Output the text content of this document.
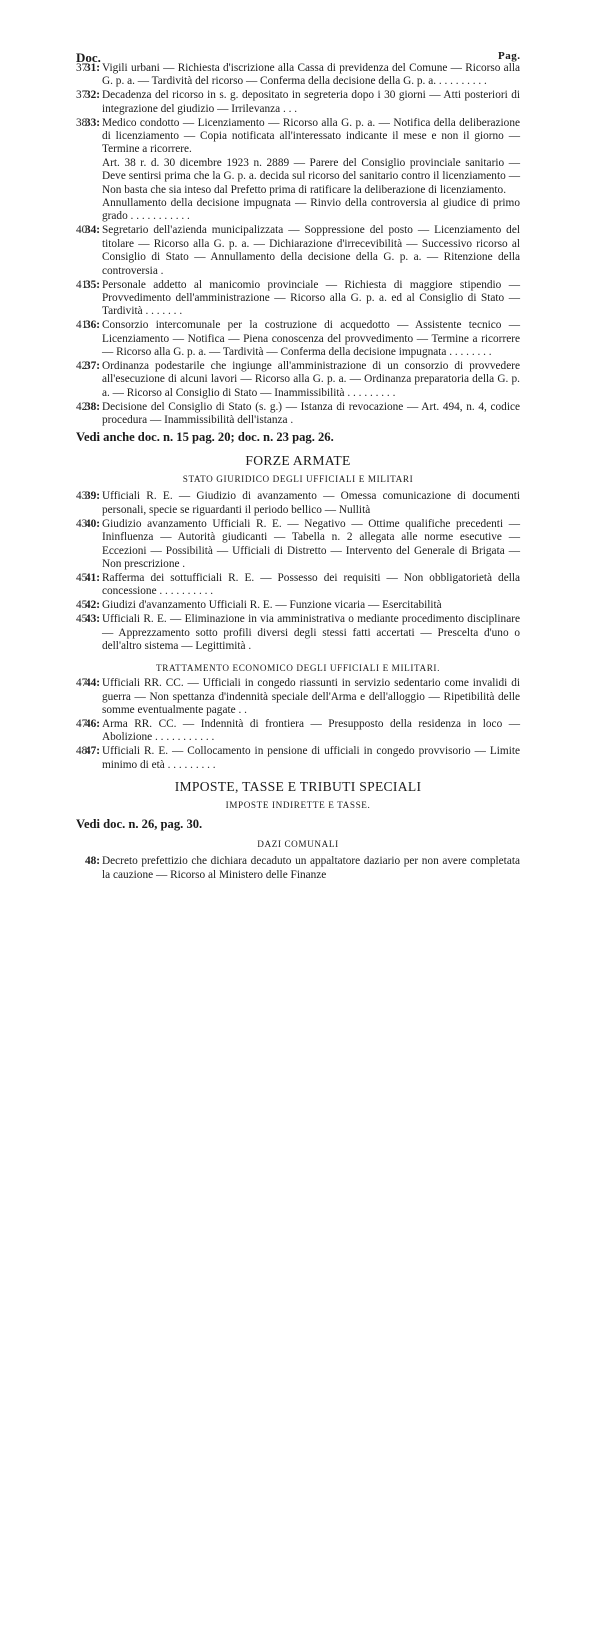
Doc.	Pag.
31: Vigili urbani — Richiesta d'iscrizione alla Cassa di previdenza del Comune — Ricorso alla G. p. a. — Tardività del ricorso — Conferma della decisione della G. p. a. . . . . . . . . .

37
32: Decadenza del ricorso in s. g. depositato in segreteria dopo i 30 giorni — Atti posteriori di integrazione del giudizio — Irrilevanza . . .

37
33: Medico condotto — Licenziamento — Ricorso alla G. p. a. — Notifica della deliberazione di licenziamento — Copia notificata all'interessato indicante il mese e non il giorno — Termine a ricorrere.

Art. 38 r. d. 30 dicembre 1923 n. 2889 — Parere del Consiglio provinciale sanitario — Deve sentirsi prima che la G. p. a. decida sul ricorso del sanitario contro il licenziamento — Non basta che sia inteso dal Prefetto prima di ratificare la deliberazione di licenziamento.

Annullamento della decisione impugnata — Rinvio della controversia al giudice di primo grado . . . . . . . . . . .

38
34: Segretario dell'azienda municipalizzata — Soppressione del posto — Licenziamento del titolare — Ricorso alla G. p. a. — Dichiarazione d'irrecevibilità — Successivo ricorso al Consiglio di Stato — Annullamento della decisione della G. p. a. — Ritenzione della controversia .

40
35: Personale addetto al manicomio provinciale — Richiesta di maggiore stipendio — Provvedimento dell'amministrazione — Ricorso alla G. p. a. ed al Consiglio di Stato — Tardività . . . . . . .

41
36: Consorzio intercomunale per la costruzione di acquedotto — Assistente tecnico — Licenziamento — Notifica — Piena conoscenza del provvedimento — Termine a ricorrere — Ricorso alla G. p. a. — Tardività — Conferma della decisione impugnata . . . . . . . .

41
37: Ordinanza podestarile che ingiunge all'amministrazione di un consorzio di provvedere all'esecuzione di alcuni lavori — Ricorso alla G. p. a. — Ordinanza preparatoria della G. p. a. — Ricorso al Consiglio di Stato — Inammissibilità . . . . . . . . .

42
38: Decisione del Consiglio di Stato (s. g.) — Istanza di revocazione — Art. 494, n. 4, codice procedura — Inammissibilità dell'istanza .

42
Vedi anche doc. n. 15 pag. 20; doc. n. 23 pag. 26.
FORZE ARMATE
STATO GIURIDICO DEGLI UFFICIALI E MILITARI
39: Ufficiali R. E. — Giudizio di avanzamento — Omessa comunicazione di documenti personali, specie se riguardanti il periodo bellico — Nullità

43
40: Giudizio avanzamento Ufficiali R. E. — Negativo — Ottime qualifiche precedenti — Ininfluenza — Autorità giudicanti — Tabella n. 2 allegata alle norme esecutive — Eccezioni — Possibilità — Ufficiali di Distretto — Intervento del Generale di Brigata — Non prescrizione .

43
41: Rafferma dei sottufficiali R. E. — Possesso dei requisiti — Non obbligatorietà della concessione . . . . . . . . . .

45
42: Giudizi d'avanzamento Ufficiali R. E. — Funzione vicaria — Esercitabilità

45
43: Ufficiali R. E. — Eliminazione in via amministrativa o mediante procedimento disciplinare — Apprezzamento sotto profili diversi degli stessi fatti accertati — Prescelta d'uno o dell'altro sistema — Legittimità .

45
TRATTAMENTO ECONOMICO DEGLI UFFICIALI E MILITARI.
44: Ufficiali RR. CC. — Ufficiali in congedo riassunti in servizio sedentario come invalidi di guerra — Non spettanza d'indennità speciale dell'Arma e dell'alloggio — Ripetibilità delle somme eventualmente pagate . .

47
46: Arma RR. CC. — Indennità di frontiera — Presupposto della residenza in loco — Abolizione . . . . . . . . . . .

47
47: Ufficiali R. E. — Collocamento in pensione di ufficiali in congedo provvisorio — Limite minimo di età . . . . . . . . .

48
IMPOSTE, TASSE E TRIBUTI SPECIALI
IMPOSTE INDIRETTE E TASSE.
Vedi doc. n. 26, pag. 30.
DAZI COMUNALI
48: Decreto prefettizio che dichiara decaduto un appaltatore daziario per non avere completata la cauzione — Ricorso al Ministero delle Finanze
